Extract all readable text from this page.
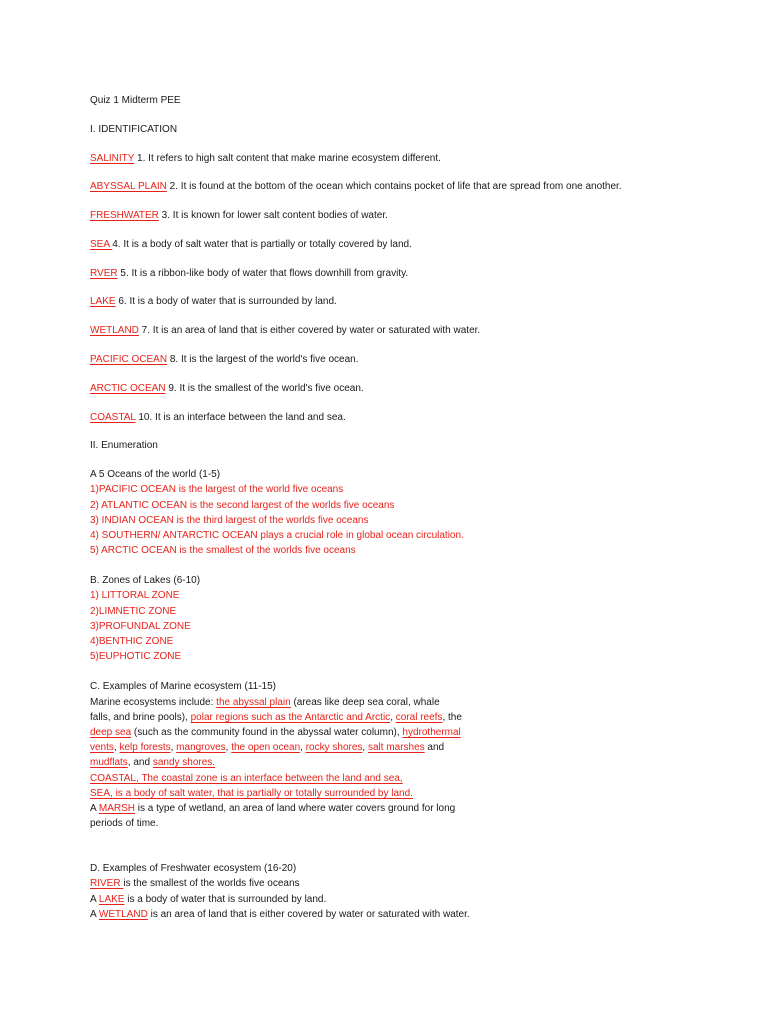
Quiz 1 Midterm PEE
I. IDENTIFICATION
SALINITY 1. It refers to high salt content that make marine ecosystem different.
ABYSSAL PLAIN 2. It is found at the bottom of the ocean which contains pocket of life that are spread from one another.
FRESHWATER 3. It is known for lower salt content bodies of water.
SEA 4. It is a body of salt water that is partially or totally covered by land.
RVER 5. It is a ribbon-like body of water that flows downhill from gravity.
LAKE 6. It is a body of water that is surrounded by land.
WETLAND 7. It is an area of land that is either covered by water or saturated with water.
PACIFIC OCEAN 8. It is the largest of the world's five ocean.
ARCTIC OCEAN 9. It is the smallest of the world's five ocean.
COASTAL 10. It is an interface between the land and sea.
II. Enumeration
A 5 Oceans of the world (1-5)
1)PACIFIC OCEAN is the largest of the world five oceans
2) ATLANTIC OCEAN is the second largest of the worlds five oceans
3) INDIAN OCEAN is the third largest of the worlds five oceans
4) SOUTHERN/ ANTARCTIC OCEAN plays a crucial role in global ocean circulation.
5) ARCTIC OCEAN is the smallest of the worlds five oceans
B. Zones of Lakes (6-10)
1) LITTORAL ZONE
2)LIMNETIC ZONE
3)PROFUNDAL ZONE
4)BENTHIC ZONE
5)EUPHOTIC ZONE
C. Examples of Marine ecosystem (11-15)
Marine ecosystems include: the abyssal plain (areas like deep sea coral, whale
falls, and brine pools), polar regions such as the Antarctic and Arctic, coral reefs, the
deep sea (such as the community found in the abyssal water column), hydrothermal
vents, kelp forests, mangroves, the open ocean, rocky shores, salt marshes and
mudflats, and sandy shores.
COASTAL, The coastal zone is an interface between the land and sea,
SEA, is a body of salt water, that is partially or totally surrounded by land.
A MARSH is a type of wetland, an area of land where water covers ground for long
periods of time.
D. Examples of Freshwater ecosystem (16-20)
RIVER is the smallest of the worlds five oceans
A LAKE is a body of water that is surrounded by land.
A WETLAND is an area of land that is either covered by water or saturated with water.
